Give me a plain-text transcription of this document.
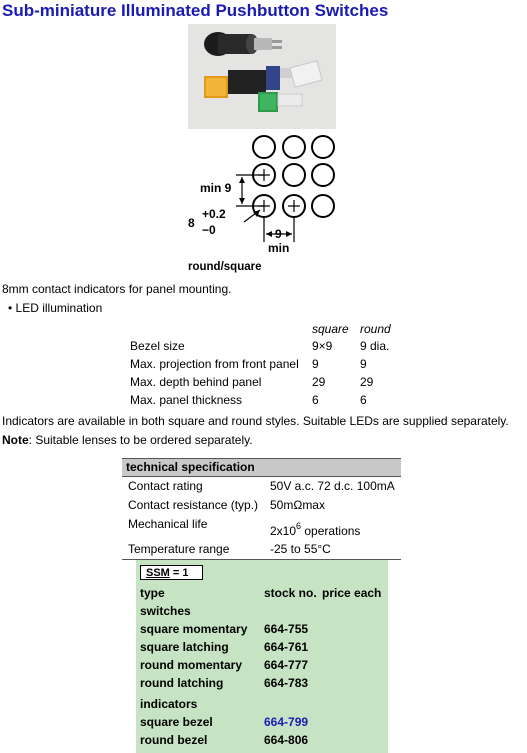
Sub-miniature Illuminated Pushbutton Switches
min 9
8
+0.2
−0	9
min
round/square
8mm contact indicators for panel mounting.
• LED illumination
	square	round
Bezel size	9×9	9 dia.
Max. projection from front panel	9	9
Max. depth behind panel	29	29
Max. panel thickness	6	6
Indicators are available in both square and round styles. Suitable LEDs are supplied separately.
Note: Suitable lenses to be ordered separately.
technical specification
Contact rating	50V a.c. 72 d.c. 100mA
Contact resistance (typ.) 50mΩmax
Mechanical life	$2x10^6$ operations
Temperature range	-25 to 55°C
SSM = 1
type	stock no. price each
switches
square momentary 664-755
square latching	664-761
round momentary 664-777
round latching	664-783
indicators
square bezel	664-799
round bezel	664-806
